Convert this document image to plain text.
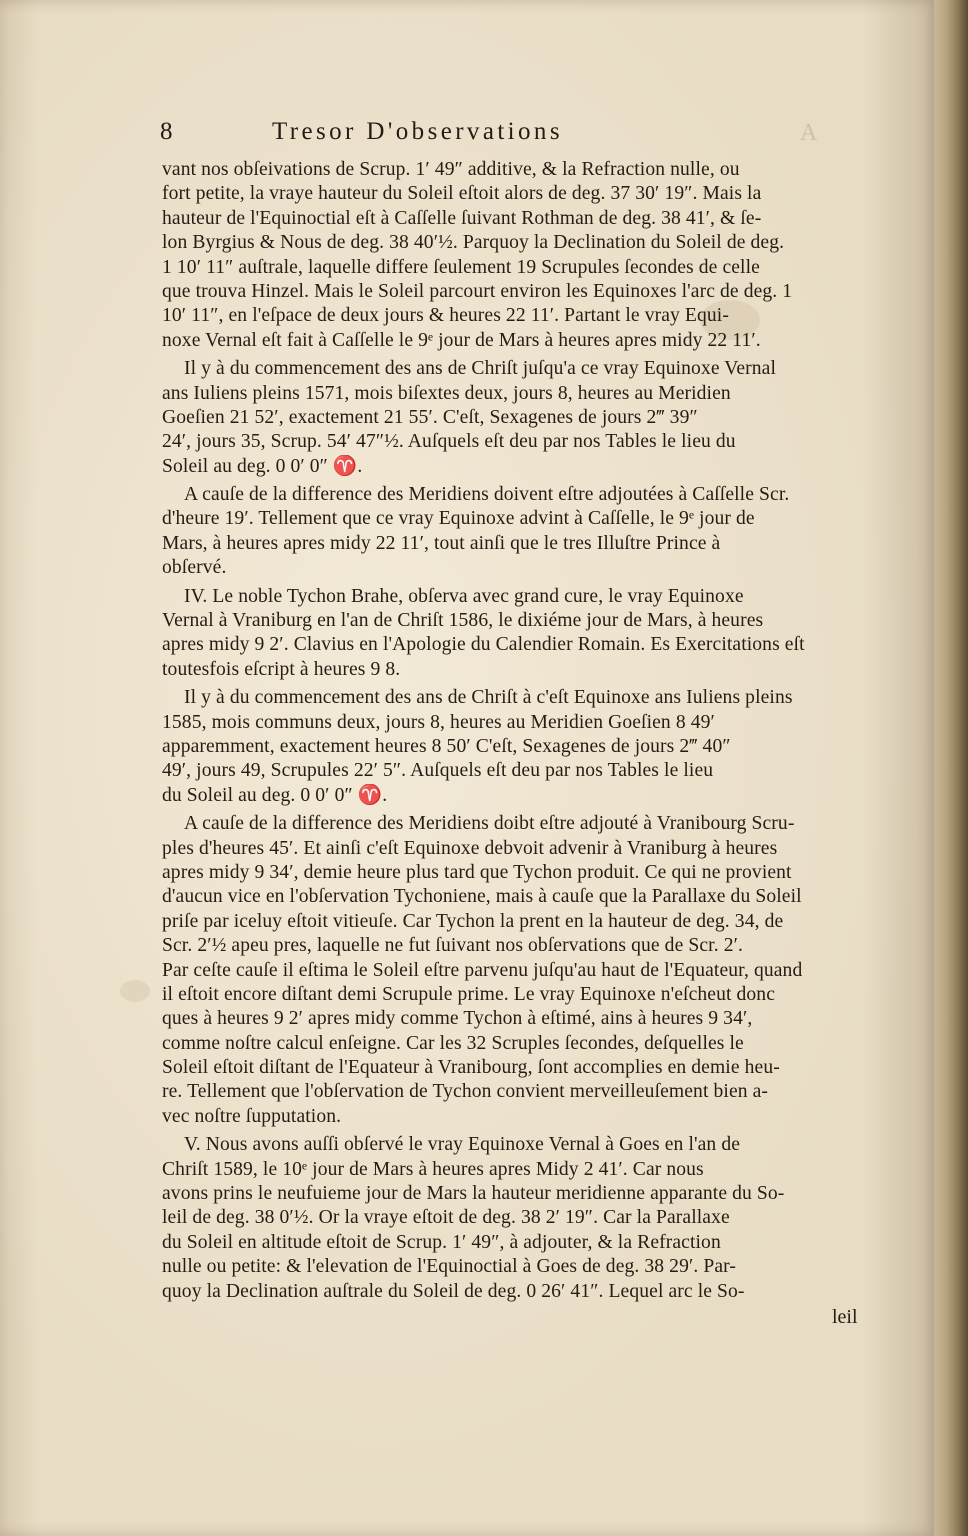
8	Tresor D'observations	A
vant nos obſeivations de Scrup. 1′ 49″ additive, & la Refraction nulle, ou
fort petite, la vraye hauteur du Soleil eſtoit alors de deg. 37 30′ 19″. Mais la
hauteur de l'Equinoctial eſt à Caſſelle ſuivant Rothman de deg. 38 41′, & ſe-
lon Byrgius & Nous de deg. 38 40′½. Parquoy la Declination du Soleil de deg.
1 10′ 11″ auſtrale, laquelle differe ſeulement 19 Scrupules ſecondes de celle
que trouva Hinzel. Mais le Soleil parcourt environ les Equinoxes l'arc de deg. 1
10′ 11″, en l'eſpace de deux jours & heures 22 11′. Partant le vray Equi-
noxe Vernal eſt fait à Caſſelle le 9ᵉ jour de Mars à heures apres midy 22 11′.
Il y à du commencement des ans de Chriſt juſqu'a ce vray Equinoxe Vernal
ans Iuliens pleins 1571, mois biſextes deux, jours 8, heures au Meridien
Goeſien 21 52′, exactement 21 55′. C'eſt, Sexagenes de jours 2‴ 39″
24′, jours 35, Scrup. 54′ 47″½. Auſquels eſt deu par nos Tables le lieu du
Soleil au deg. 0 0′ 0″ ♈.
A cauſe de la difference des Meridiens doivent eſtre adjoutées à Caſſelle Scr.
d'heure 19′. Tellement que ce vray Equinoxe advint à Caſſelle, le 9ᵉ jour de
Mars, à heures apres midy 22 11′, tout ainſi que le tres Illuſtre Prince à
obſervé.
IV. Le noble Tychon Brahe, obſerva avec grand cure, le vray Equinoxe
Vernal à Vraniburg en l'an de Chriſt 1586, le dixiéme jour de Mars, à heures
apres midy 9 2′. Clavius en l'Apologie du Calendier Romain. Es Exercitations eſt
toutesfois eſcript à heures 9 8.
Il y à du commencement des ans de Chriſt à c'eſt Equinoxe ans Iuliens pleins
1585, mois communs deux, jours 8, heures au Meridien Goeſien 8 49′
apparemment, exactement heures 8 50′ C'eſt, Sexagenes de jours 2‴ 40″
49′, jours 49, Scrupules 22′ 5″. Auſquels eſt deu par nos Tables le lieu
du Soleil au deg. 0 0′ 0″ ♈.
A cauſe de la difference des Meridiens doibt eſtre adjouté à Vranibourg Scru-
ples d'heures 45′. Et ainſi c'eſt Equinoxe debvoit advenir à Vraniburg à heures
apres midy 9 34′, demie heure plus tard que Tychon produit. Ce qui ne provient
d'aucun vice en l'obſervation Tychoniene, mais à cauſe que la Parallaxe du Soleil
priſe par iceluy eſtoit vitieuſe. Car Tychon la prent en la hauteur de deg. 34, de
Scr. 2′½ apeu pres, laquelle ne fut ſuivant nos obſervations que de Scr. 2′.
Par ceſte cauſe il eſtima le Soleil eſtre parvenu juſqu'au haut de l'Equateur, quand
il eſtoit encore diſtant demi Scrupule prime. Le vray Equinoxe n'eſcheut donc
ques à heures 9 2′ apres midy comme Tychon à eſtimé, ains à heures 9 34′,
comme noſtre calcul enſeigne. Car les 32 Scruples ſecondes, deſquelles le
Soleil eſtoit diſtant de l'Equateur à Vranibourg, ſont accomplies en demie heu-
re. Tellement que l'obſervation de Tychon convient merveilleuſement bien a-
vec noſtre ſupputation.
V. Nous avons auſſi obſervé le vray Equinoxe Vernal à Goes en l'an de
Chriſt 1589, le 10ᵉ jour de Mars à heures apres Midy 2 41′. Car nous
avons prins le neufuieme jour de Mars la hauteur meridienne apparante du So-
leil de deg. 38 0′½. Or la vraye eſtoit de deg. 38 2′ 19″. Car la Parallaxe
du Soleil en altitude eſtoit de Scrup. 1′ 49″, à adjouter, & la Refraction
nulle ou petite: & l'elevation de l'Equinoctial à Goes de deg. 38 29′. Par-
quoy la Declination auſtrale du Soleil de deg. 0 26′ 41″. Lequel arc le So-
leil
